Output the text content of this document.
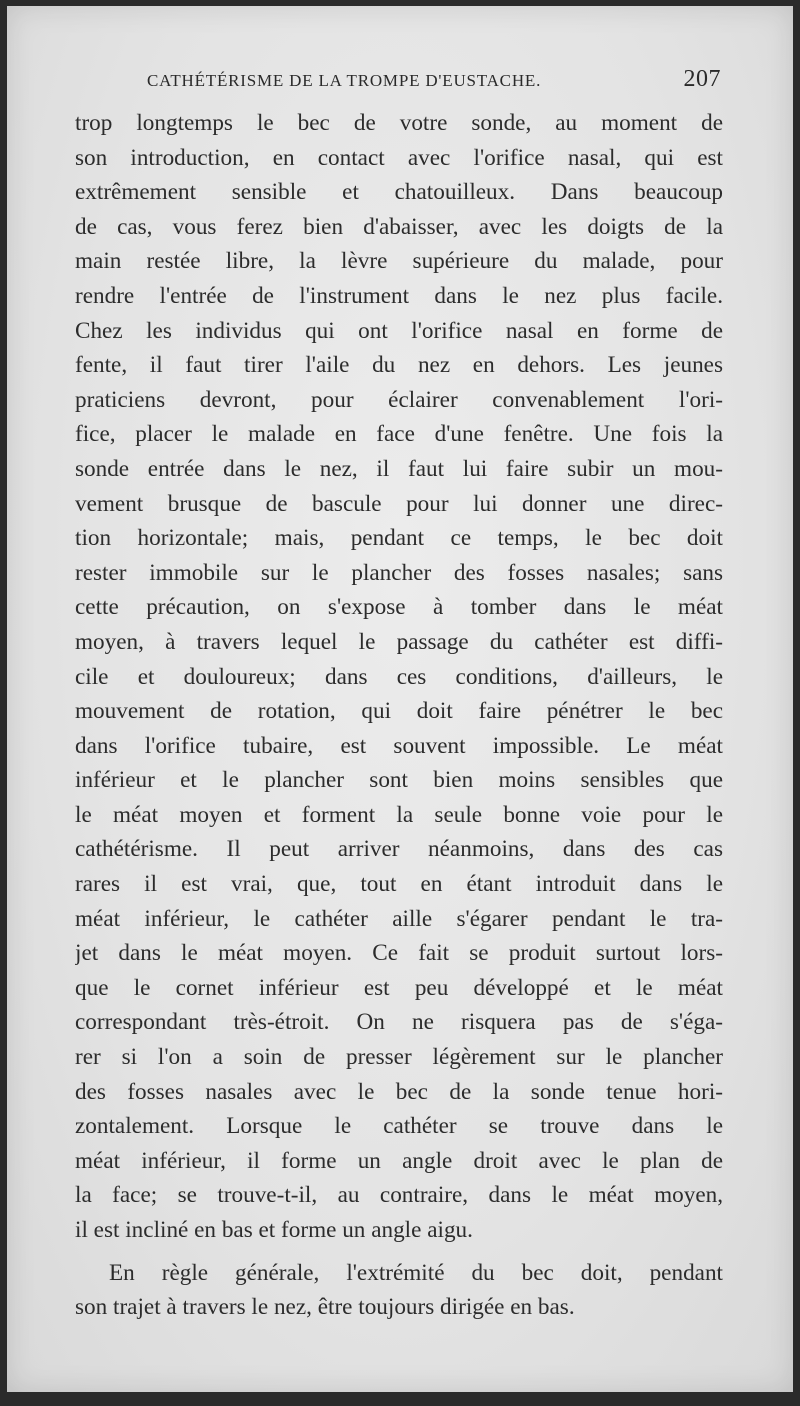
CATHÉTÉRISME DE LA TROMPE D'EUSTACHE.	207
trop longtemps le bec de votre sonde, au moment de
son introduction, en contact avec l'orifice nasal, qui est
extrêmement sensible et chatouilleux. Dans beaucoup
de cas, vous ferez bien d'abaisser, avec les doigts de la
main restée libre, la lèvre supérieure du malade, pour
rendre l'entrée de l'instrument dans le nez plus facile.
Chez les individus qui ont l'orifice nasal en forme de
fente, il faut tirer l'aile du nez en dehors. Les jeunes
praticiens devront, pour éclairer convenablement l'ori-
fice, placer le malade en face d'une fenêtre. Une fois la
sonde entrée dans le nez, il faut lui faire subir un mou-
vement brusque de bascule pour lui donner une direc-
tion horizontale; mais, pendant ce temps, le bec doit
rester immobile sur le plancher des fosses nasales; sans
cette précaution, on s'expose à tomber dans le méat
moyen, à travers lequel le passage du cathéter est diffi-
cile et douloureux; dans ces conditions, d'ailleurs, le
mouvement de rotation, qui doit faire pénétrer le bec
dans l'orifice tubaire, est souvent impossible. Le méat
inférieur et le plancher sont bien moins sensibles que
le méat moyen et forment la seule bonne voie pour le
cathétérisme. Il peut arriver néanmoins, dans des cas
rares il est vrai, que, tout en étant introduit dans le
méat inférieur, le cathéter aille s'égarer pendant le tra-
jet dans le méat moyen. Ce fait se produit surtout lors-
que le cornet inférieur est peu développé et le méat
correspondant très-étroit. On ne risquera pas de s'éga-
rer si l'on a soin de presser légèrement sur le plancher
des fosses nasales avec le bec de la sonde tenue hori-
zontalement. Lorsque le cathéter se trouve dans le
méat inférieur, il forme un angle droit avec le plan de
la face; se trouve-t-il, au contraire, dans le méat moyen,
il est incliné en bas et forme un angle aigu.
En règle générale, l'extrémité du bec doit, pendant
son trajet à travers le nez, être toujours dirigée en bas.
